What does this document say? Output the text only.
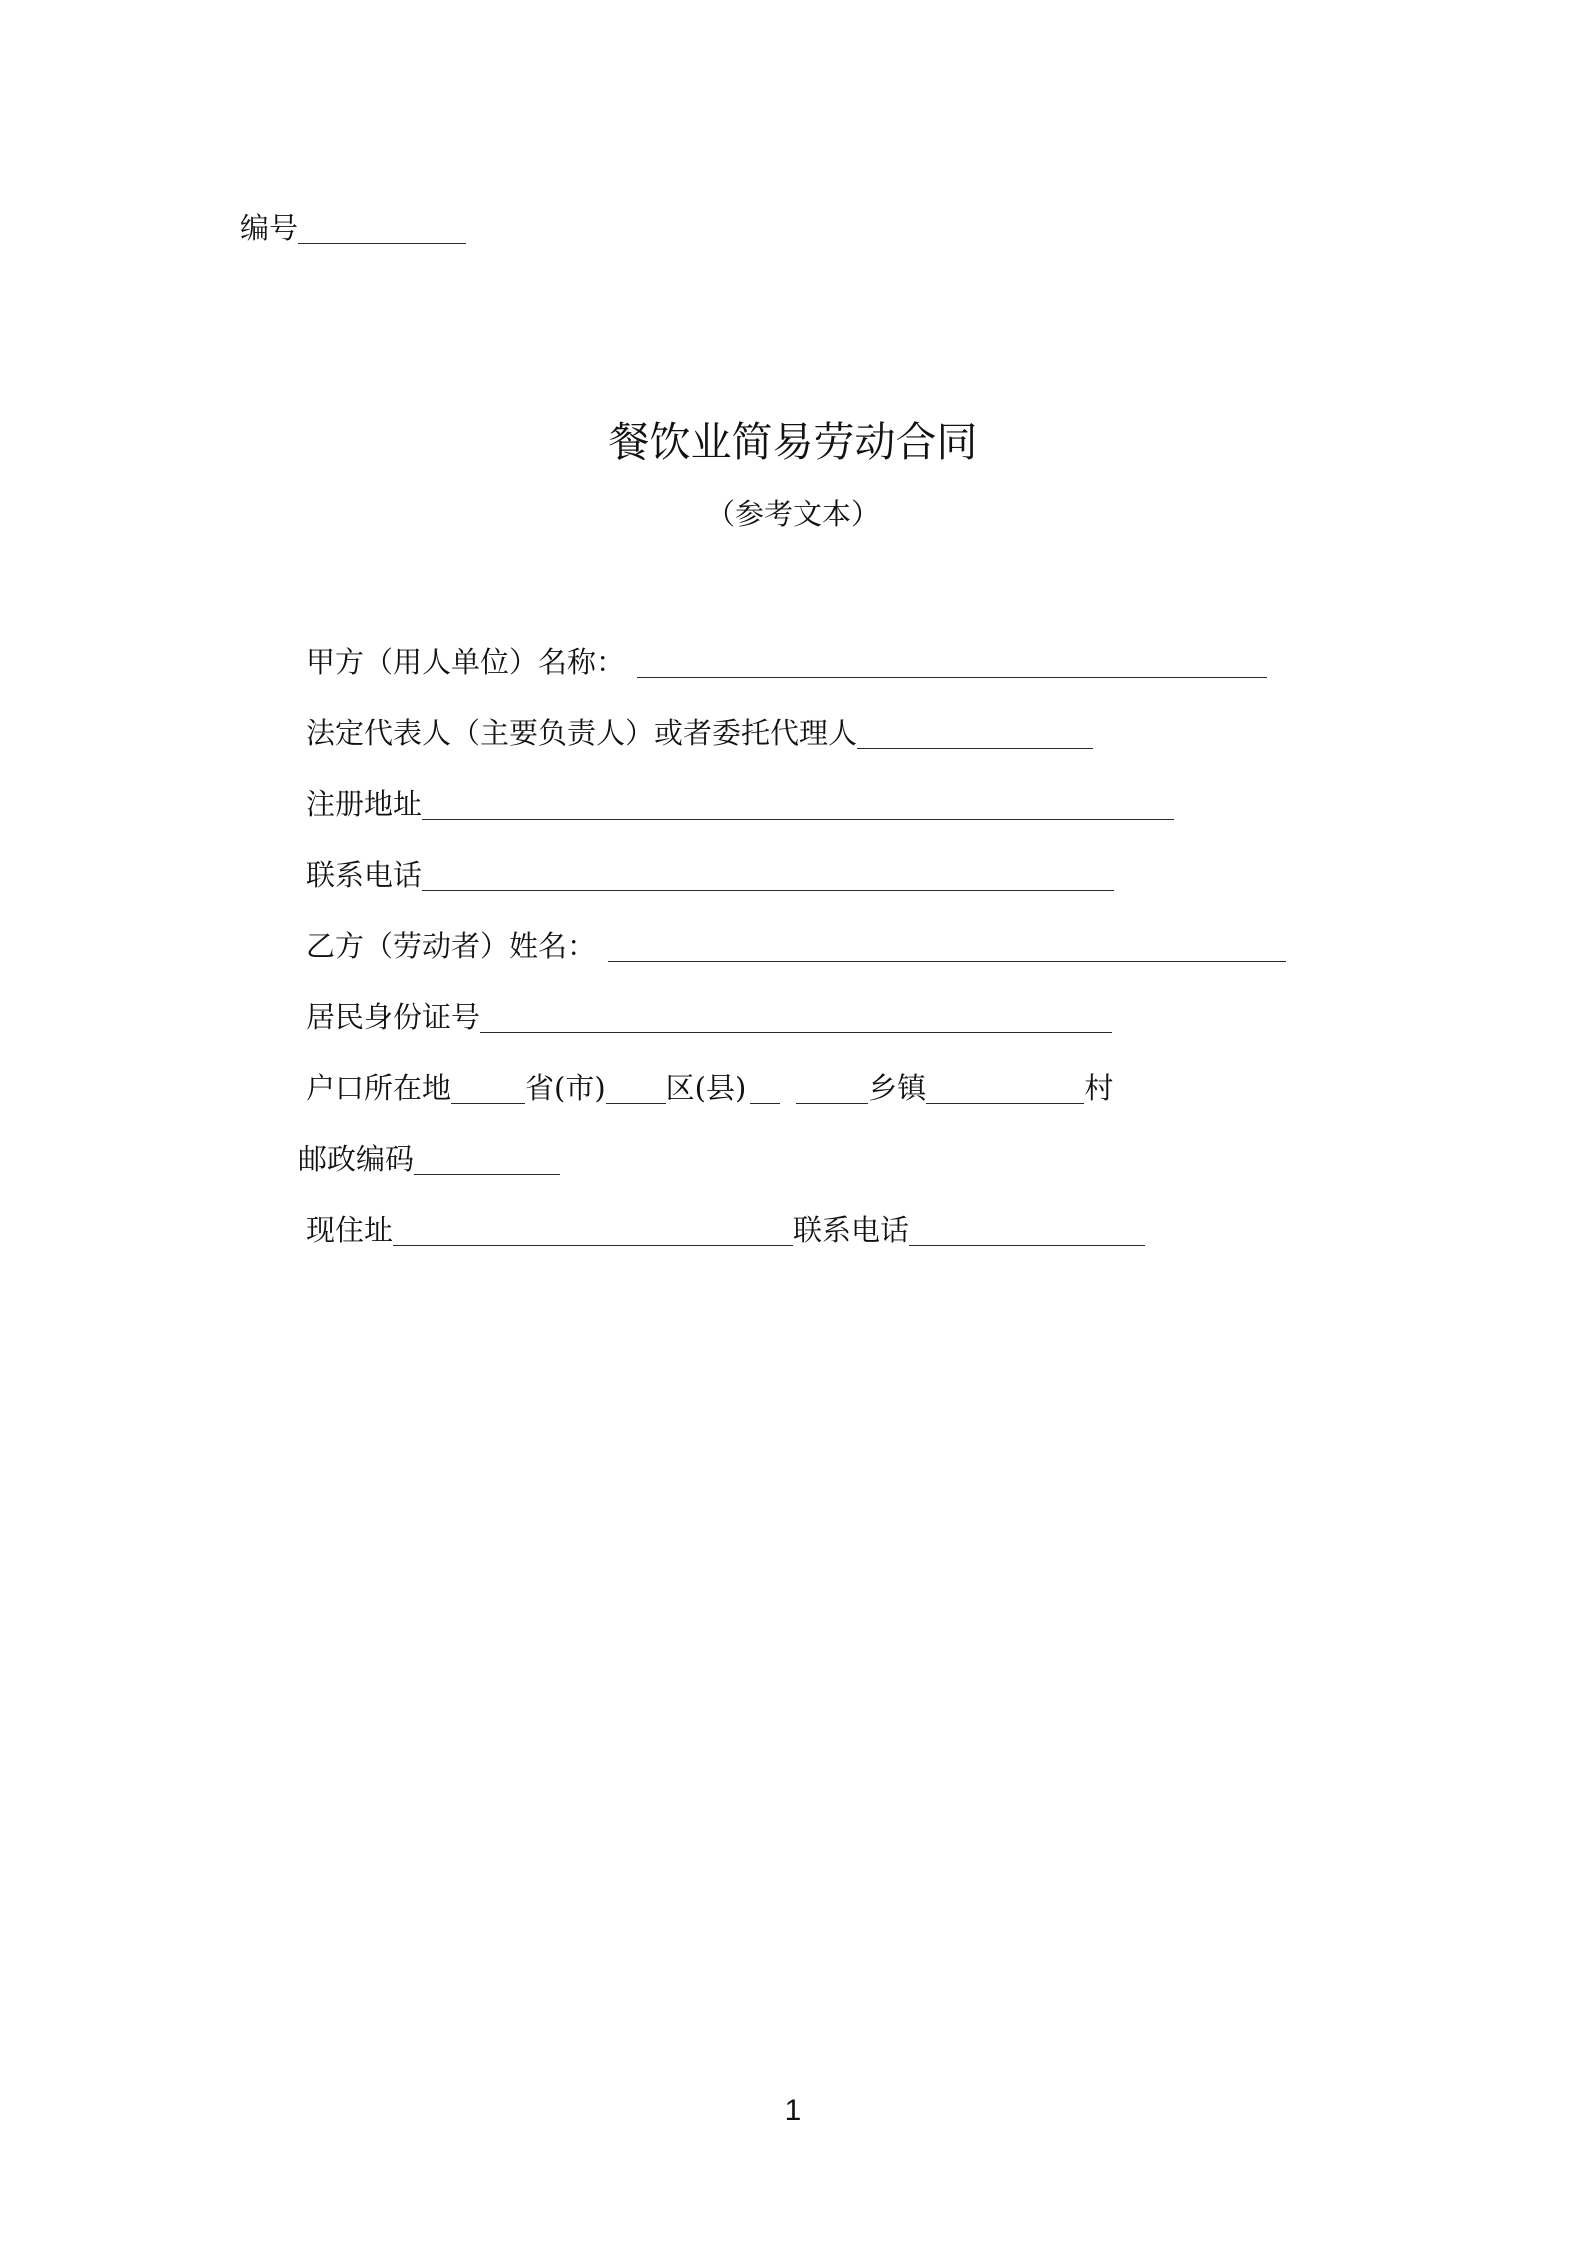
编号
餐饮业简易劳动合同
（参考文本）
甲方（用人单位）名称：
法定代表人（主要负责人）或者委托代理人
注册地址
联系电话
乙方（劳动者）姓名：
居民身份证号
户口所在地	省(市) 区(县)	乡镇	村
邮政编码
现住址	联系电话
1
